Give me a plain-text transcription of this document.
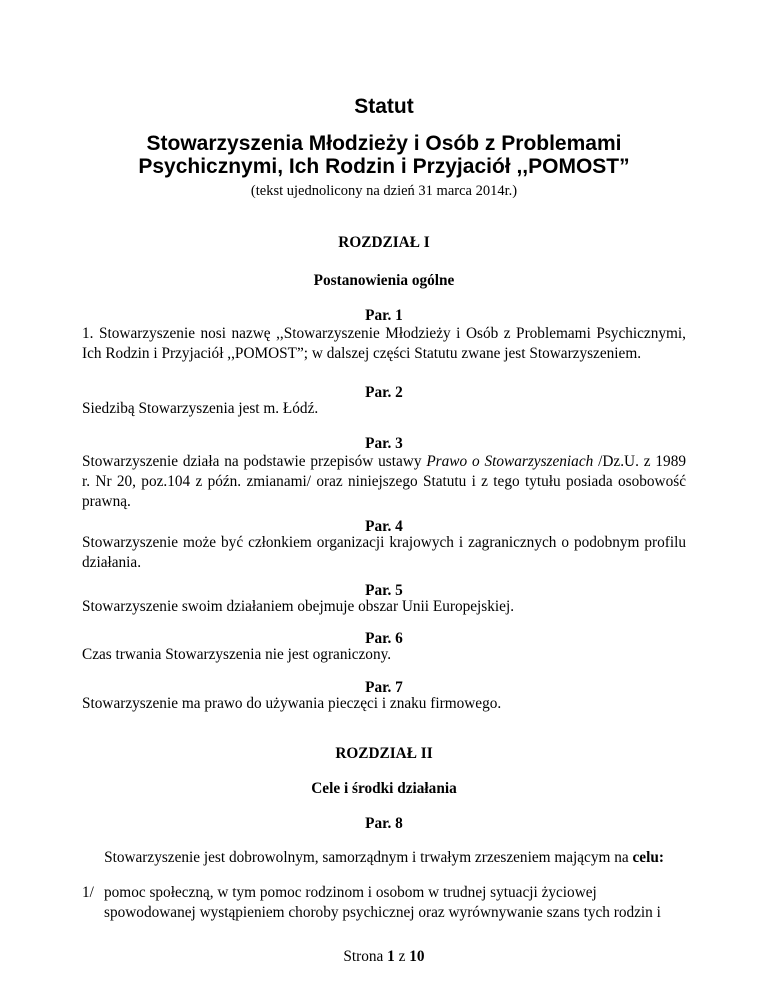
Statut
Stowarzyszenia Młodzieży i Osób z Problemami
Psychicznymi, Ich Rodzin i Przyjaciół ,,POMOST”
(tekst ujednolicony na dzień 31 marca 2014r.)
ROZDZIAŁ I
Postanowienia ogólne
Par. 1
1. Stowarzyszenie nosi nazwę ,,Stowarzyszenie Młodzieży i Osób z Problemami Psychicznymi, Ich Rodzin i Przyjaciół ,,POMOST”; w dalszej części Statutu zwane jest Stowarzyszeniem.
Par. 2
Siedzibą Stowarzyszenia jest m. Łódź.
Par. 3
Stowarzyszenie działa na podstawie przepisów ustawy Prawo o Stowarzyszeniach /Dz.U. z 1989 r. Nr 20, poz.104 z późn. zmianami/ oraz niniejszego Statutu i z tego tytułu posiada osobowość prawną.
Par. 4
Stowarzyszenie może być członkiem organizacji krajowych i zagranicznych o podobnym profilu działania.
Par. 5
Stowarzyszenie swoim działaniem obejmuje obszar Unii Europejskiej.
Par. 6
Czas trwania Stowarzyszenia nie jest ograniczony.
Par. 7
Stowarzyszenie ma prawo do używania pieczęci i znaku firmowego.
ROZDZIAŁ II
Cele i środki działania
Par. 8
Stowarzyszenie jest dobrowolnym, samorządnym i trwałym zrzeszeniem mającym na celu:
1/ pomoc społeczną, w tym pomoc rodzinom i osobom w trudnej sytuacji życiowej
spowodowanej wystąpieniem choroby psychicznej oraz wyrównywanie szans tych rodzin i
Strona 1 z 10
